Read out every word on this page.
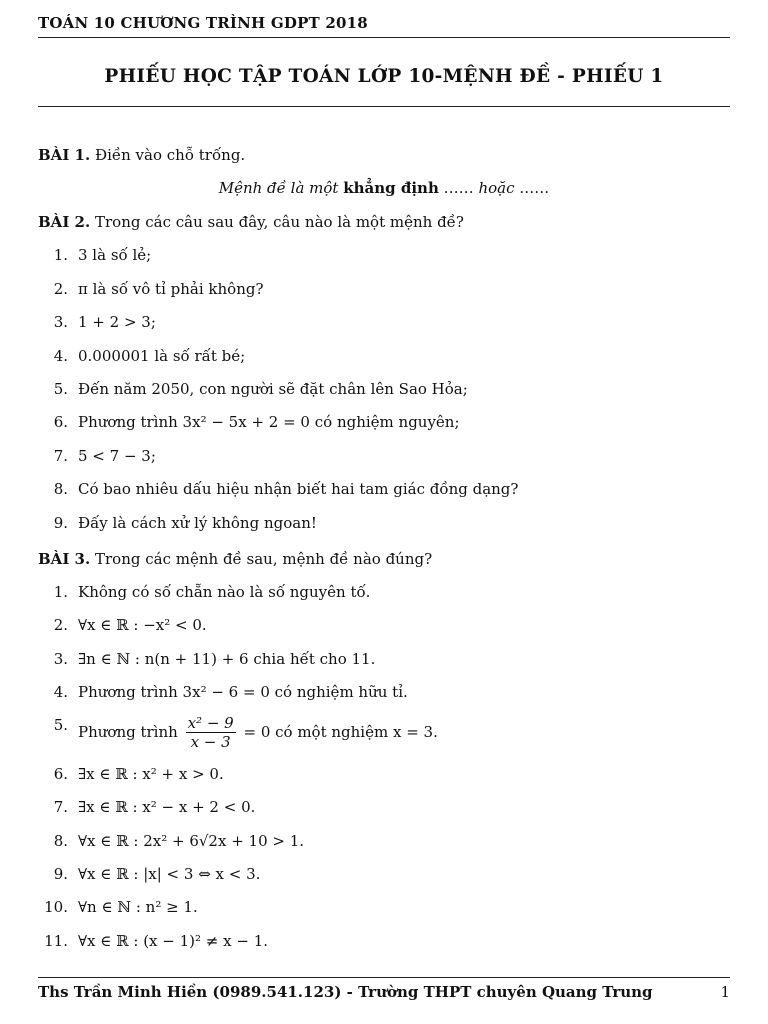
TOÁN 10 CHƯƠNG TRÌNH GDPT 2018
PHIẾU HỌC TẬP TOÁN LỚP 10-MỆNH ĐỀ - PHIẾU 1

BÀI 1. Điền vào chỗ trống.

Mệnh đề là một khẳng định …… hoặc ……

BÀI 2. Trong các câu sau đây, câu nào là một mệnh đề?

1. 3 là số lẻ;
2. π là số vô tỉ phải không?
3. 1 + 2 > 3;
4. 0.000001 là số rất bé;
5. Đến năm 2050, con người sẽ đặt chân lên Sao Hỏa;
6. Phương trình 3x² − 5x + 2 = 0 có nghiệm nguyên;
7. 5 < 7 − 3;
8. Có bao nhiêu dấu hiệu nhận biết hai tam giác đồng dạng?
9. Đấy là cách xử lý không ngoan!

BÀI 3. Trong các mệnh đề sau, mệnh đề nào đúng?

1. Không có số chẵn nào là số nguyên tố.
2. ∀x ∈ ℝ : −x² < 0.
3. ∃n ∈ ℕ : n(n + 11) + 6 chia hết cho 11.
4. Phương trình 3x² − 6 = 0 có nghiệm hữu tỉ.
5. Phương trình $\frac{\text{x² − 9}}{x - 3} = 0$ có một nghiệm x = 3.
6. ∃x ∈ ℝ : x² + x > 0.
7. ∃x ∈ ℝ : x² − x + 2 < 0.
8. ∀x ∈ ℝ : 2x² + 6√2x + 10 > 1.
9. ∀x ∈ ℝ : |x| < 3 ⇔ x < 3.
10. ∀n ∈ ℕ : n² ≥ 1.
11. ∀x ∈ ℝ : (x − 1)² ≠ x − 1.
Ths Trần Minh Hiền (0989.541.123) - Trường THPT chuyên Quang Trung	1
